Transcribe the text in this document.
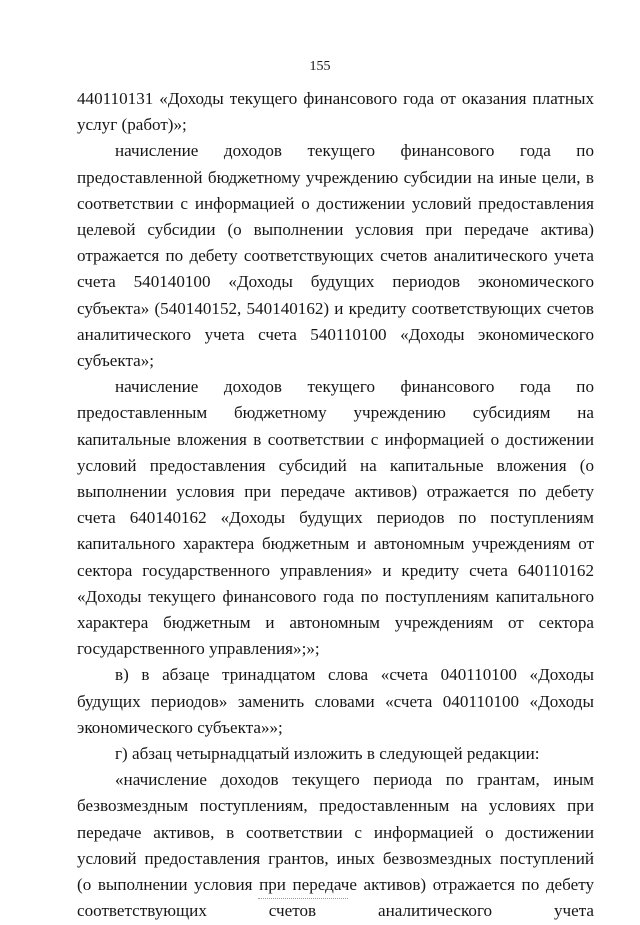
155

440110131 «Доходы текущего финансового года от оказания платных услуг (работ)»;

начисление доходов текущего финансового года по предоставленной бюджетному учреждению субсидии на иные цели, в соответствии с информацией о достижении условий предоставления целевой субсидии (о выполнении условия при передаче актива) отражается по дебету соответствующих счетов аналитического учета счета 540140100 «Доходы будущих периодов экономического субъекта» (540140152, 540140162) и кредиту соответствующих счетов аналитического учета счета 540110100 «Доходы экономического субъекта»;

начисление доходов текущего финансового года по предоставленным бюджетному учреждению субсидиям на капитальные вложения в соответствии с информацией о достижении условий предоставления субсидий на капитальные вложения (о выполнении условия при передаче активов) отражается по дебету счета 640140162 «Доходы будущих периодов по поступлениям капитального характера бюджетным и автономным учреждениям от сектора государственного управления» и кредиту счета 640110162 «Доходы текущего финансового года по поступлениям капитального характера бюджетным и автономным учреждениям от сектора государственного управления»;»;

в) в абзаце тринадцатом слова «счета 040110100 «Доходы будущих периодов» заменить словами «счета 040110100 «Доходы экономического субъекта»»;

г) абзац четырнадцатый изложить в следующей редакции:

«начисление доходов текущего периода по грантам, иным безвозмездным поступлениям, предоставленным на условиях при передаче активов, в соответствии с информацией о достижении условий предоставления грантов, иных безвозмездных поступлений (о выполнении условия при передаче активов) отражается по дебету соответствующих счетов аналитического учета
